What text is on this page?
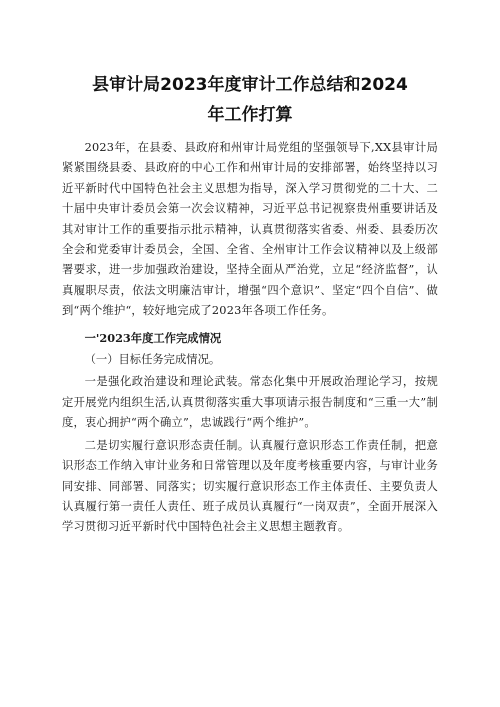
县审计局2023年度审计工作总结和2024
年工作打算

2023年，在县委、县政府和州审计局党组的坚强领导下,XX县审计局紧紧围绕县委、县政府的中心工作和州审计局的安排部署，始终坚持以习近平新时代中国特色社会主义思想为指导，深入学习贯彻党的二十大、二十届中央审计委员会第一次会议精神，习近平总书记视察贵州重要讲话及其对审计工作的重要指示批示精神，认真贯彻落实省委、州委、县委历次全会和党委审计委员会，全国、全省、全州审计工作会议精神以及上级部署要求，进一步加强政治建设，坚持全面从严治党，立足“经济监督”，认真履职尽责，依法文明廉洁审计，增强“四个意识”、坚定“四个自信”、做到“两个维护“，较好地完成了2023年各项工作任务。

一'2023年度工作完成情况

（一）目标任务完成情况。

一是强化政治建设和理论武装。常态化集中开展政治理论学习，按规定开展党内组织生活,认真贯彻落实重大事项请示报告制度和“三重一大”制度，衷心拥护“两个确立”，忠诚践行“两个维护”。

二是切实履行意识形态责任制。认真履行意识形态工作责任制，把意识形态工作纳入审计业务和日常管理以及年度考核重要内容，与审计业务同安排、同部署、同落实；切实履行意识形态工作主体责任、主要负责人认真履行第一责任人责任、班子成员认真履行“一岗双责”，全面开展深入学习贯彻习近平新时代中国特色社会主义思想主题教育。
